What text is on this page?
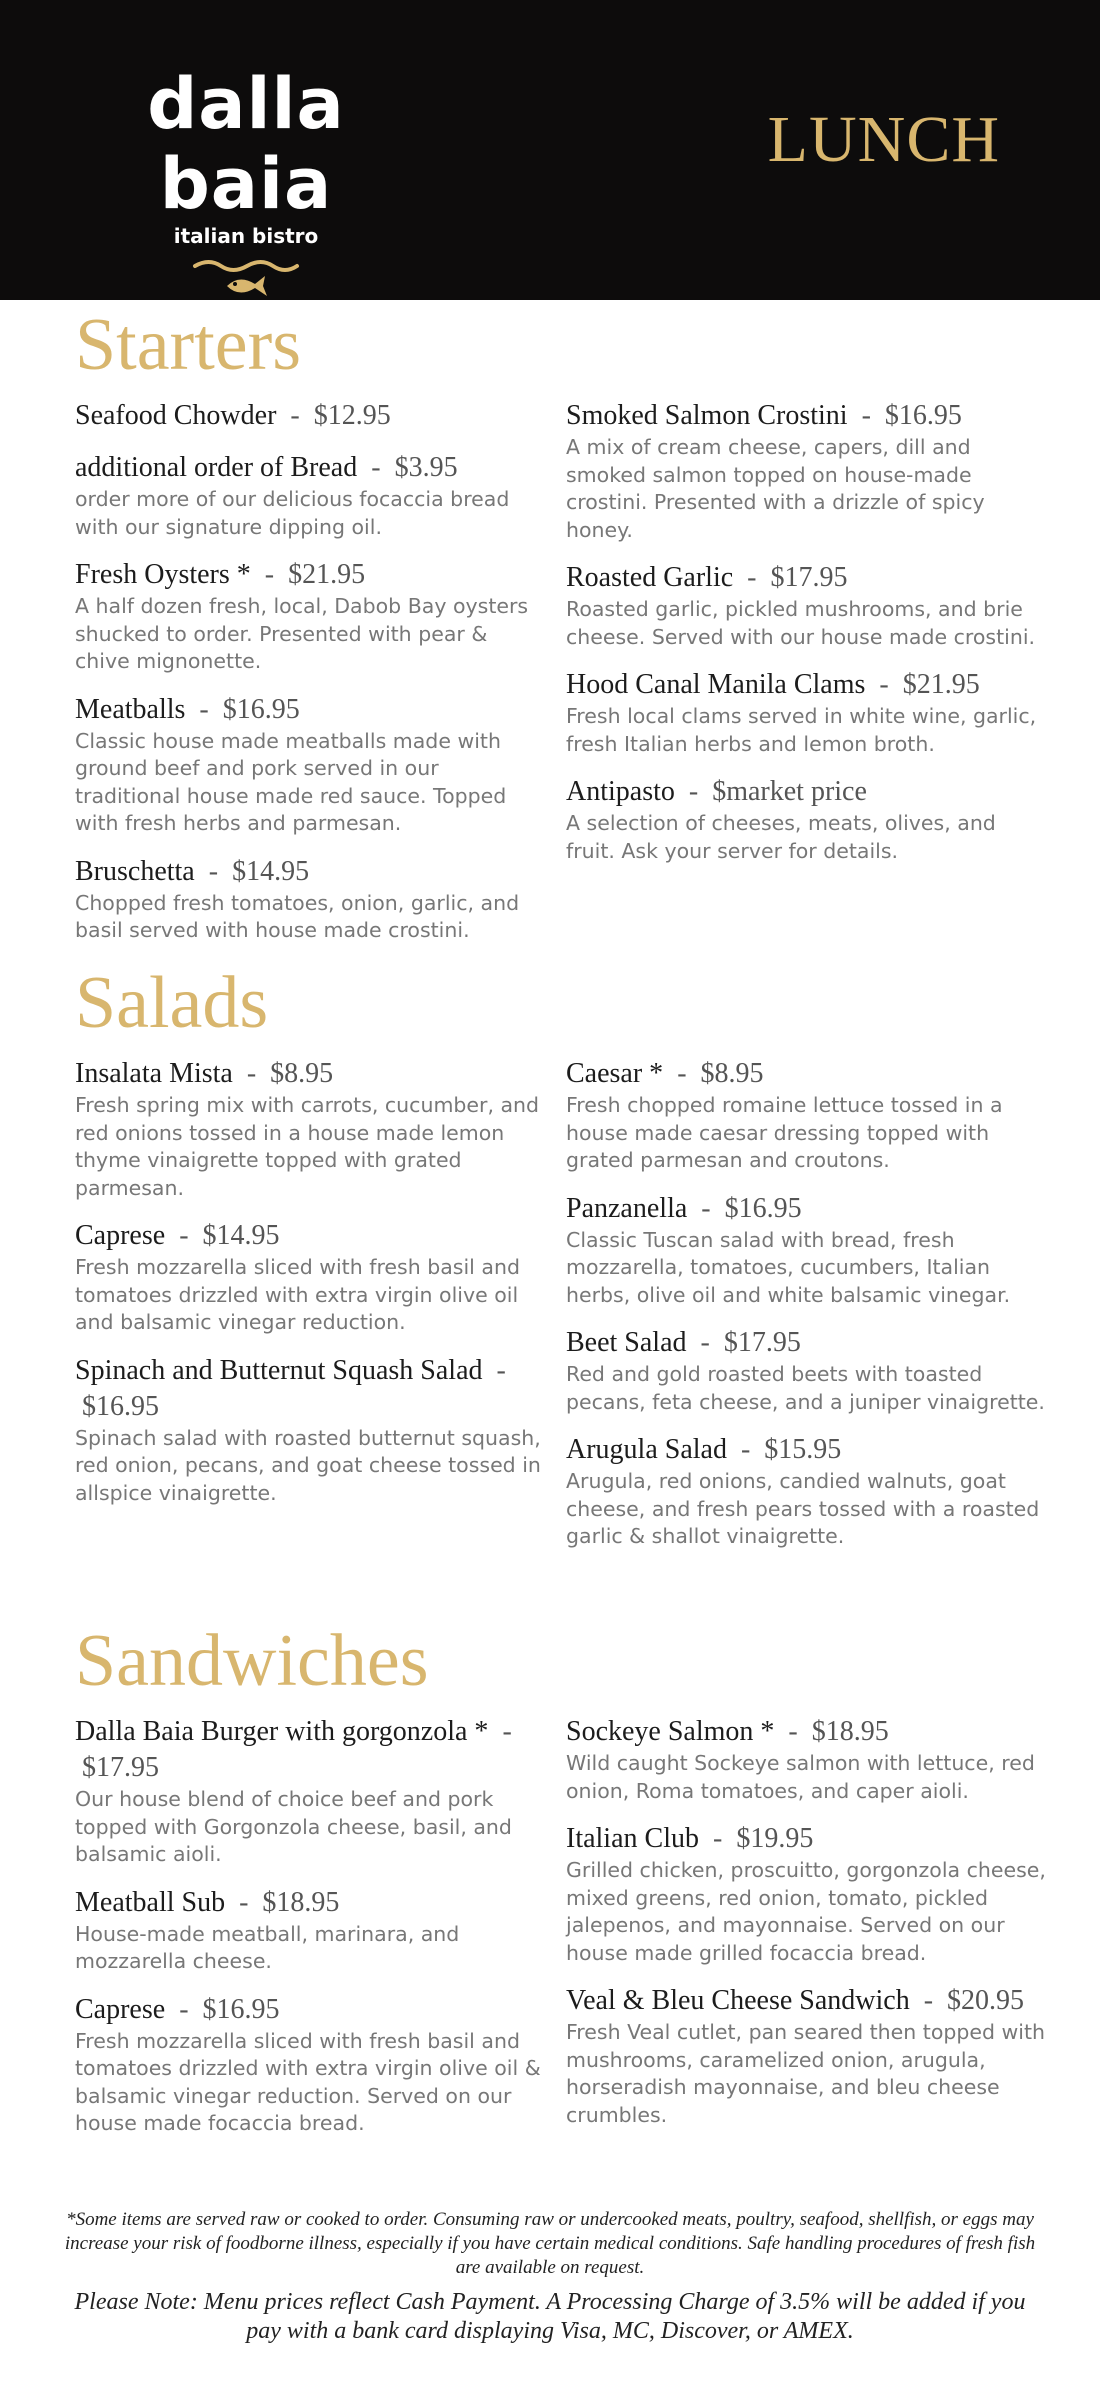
dalla baia
italian bistro
LUNCH
Starters
Seafood Chowder  -  $12.95
additional order of Bread  -  $3.95
order more of our delicious focaccia bread with our signature dipping oil.
Fresh Oysters *  -  $21.95
A half dozen fresh, local, Dabob Bay oysters shucked to order. Presented with pear & chive mignonette.
Meatballs  -  $16.95
Classic house made meatballs made with ground beef and pork served in our traditional house made red sauce. Topped with fresh herbs and parmesan.
Bruschetta  -  $14.95
Chopped fresh tomatoes, onion, garlic, and basil served with house made crostini.
Smoked Salmon Crostini  -  $16.95
A mix of cream cheese, capers, dill and smoked salmon topped on house-made crostini. Presented with a drizzle of spicy honey.
Roasted Garlic  -  $17.95
Roasted garlic, pickled mushrooms, and brie cheese. Served with our house made crostini.
Hood Canal Manila Clams  -  $21.95
Fresh local clams served in white wine, garlic, fresh Italian herbs and lemon broth.
Antipasto  -  $market price
A selection of cheeses, meats, olives, and fruit. Ask your server for details.
Salads
Insalata Mista  -  $8.95
Fresh spring mix with carrots, cucumber, and red onions tossed in a house made lemon thyme vinaigrette topped with grated parmesan.
Caprese  -  $14.95
Fresh mozzarella sliced with fresh basil and tomatoes drizzled with extra virgin olive oil and balsamic vinegar reduction.
Spinach and Butternut Squash Salad  -  $16.95
Spinach salad with roasted butternut squash, red onion, pecans, and goat cheese tossed in allspice vinaigrette.
Caesar *  -  $8.95
Fresh chopped romaine lettuce tossed in a house made caesar dressing topped with grated parmesan and croutons.
Panzanella  -  $16.95
Classic Tuscan salad with bread, fresh mozzarella, tomatoes, cucumbers, Italian herbs, olive oil and white balsamic vinegar.
Beet Salad  -  $17.95
Red and gold roasted beets with toasted pecans, feta cheese, and a juniper vinaigrette.
Arugula Salad  -  $15.95
Arugula, red onions, candied walnuts, goat cheese, and fresh pears tossed with a roasted garlic & shallot vinaigrette.
Sandwiches
Dalla Baia Burger with gorgonzola *  -  $17.95
Our house blend of choice beef and pork topped with Gorgonzola cheese, basil, and balsamic aioli.
Meatball Sub  -  $18.95
House-made meatball, marinara, and mozzarella cheese.
Caprese  -  $16.95
Fresh mozzarella sliced with fresh basil and tomatoes drizzled with extra virgin olive oil & balsamic vinegar reduction. Served on our house made focaccia bread.
Sockeye Salmon *  -  $18.95
Wild caught Sockeye salmon with lettuce, red onion, Roma tomatoes, and caper aioli.
Italian Club  -  $19.95
Grilled chicken, proscuitto, gorgonzola cheese, mixed greens, red onion, tomato, pickled jalepenos, and mayonnaise. Served on our house made grilled focaccia bread.
Veal & Bleu Cheese Sandwich  -  $20.95
Fresh Veal cutlet, pan seared then topped with mushrooms, caramelized onion, arugula, horseradish mayonnaise, and bleu cheese crumbles.
*Some items are served raw or cooked to order. Consuming raw or undercooked meats, poultry, seafood, shellfish, or eggs may increase your risk of foodborne illness, especially if you have certain medical conditions. Safe handling procedures of fresh fish are available on request.
Please Note: Menu prices reflect Cash Payment. A Processing Charge of 3.5% will be added if you pay with a bank card displaying Visa, MC, Discover, or AMEX.
